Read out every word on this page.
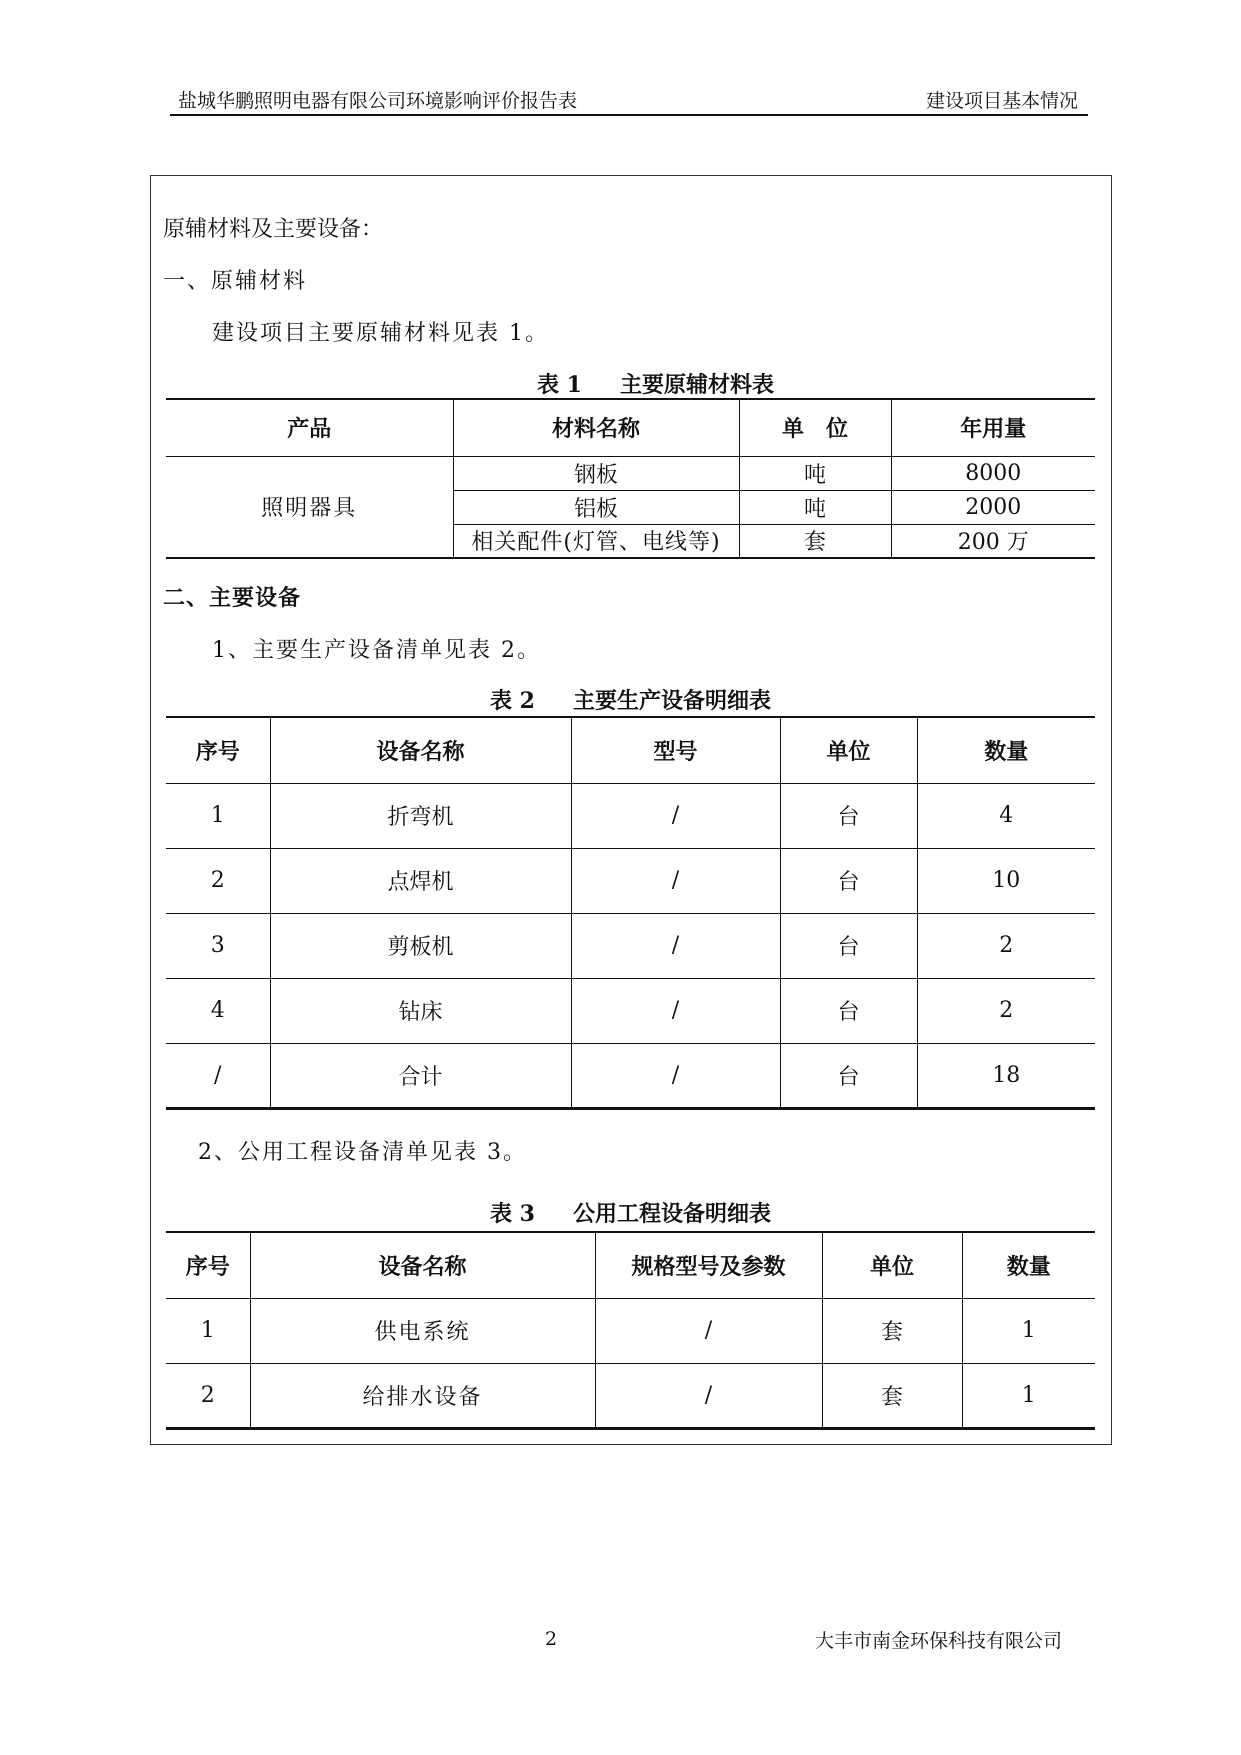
盐城华鹏照明电器有限公司环境影响评价报告表	建设项目基本情况
原辅材料及主要设备：
一、原辅材料
建设项目主要原辅材料见表 1。
表 1 主要原辅材料表
产品	材料名称	单　位	年用量
照明器具	钢板	吨	8000
	铝板	吨	2000
	相关配件(灯管、电线等)	套	200 万
二、主要设备
1、主要生产设备清单见表 2。
表 2 主要生产设备明细表
序号	设备名称	型号	单位	数量
1	折弯机	/	台	4
2	点焊机	/	台	10
3	剪板机	/	台	2
4	钻床	/	台	2
/	合计	/	台	18
2、公用工程设备清单见表 3。
表 3 公用工程设备明细表
序号	设备名称	规格型号及参数	单位	数量
1	供电系统	/	套	1
2	给排水设备	/	套	1
2	大丰市南金环保科技有限公司
